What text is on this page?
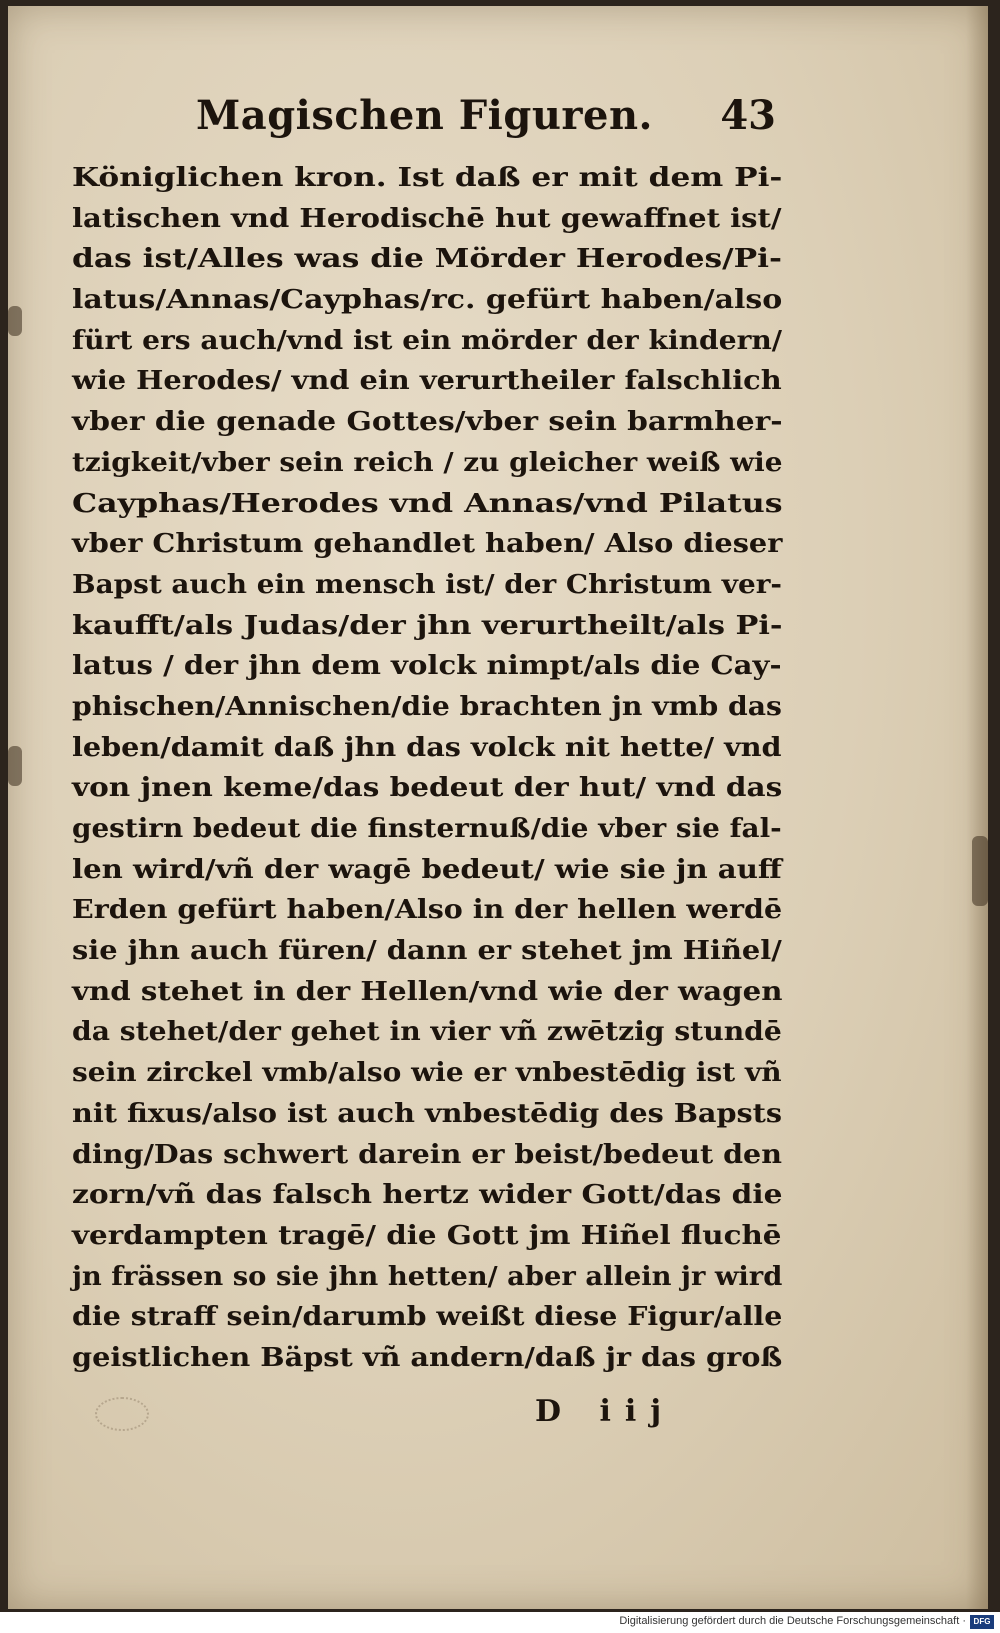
Magischen Figuren. 43
Königlichen kron. Ist daß er mit dem Pi-
latischen vnd Herodischē hut gewaffnet ist/
das ist/Alles was die Mörder Herodes/Pi-
latus/Annas/Cayphas/rc. gefürt haben/also
fürt ers auch/vnd ist ein mörder der kindern/
wie Herodes/ vnd ein verurtheiler falschlich
vber die genade Gottes/vber sein barmher-
tzigkeit/vber sein reich / zu gleicher weiß wie
Cayphas/Herodes vnd Annas/vnd Pilatus
vber Christum gehandlet haben/ Also dieser
Bapst auch ein mensch ist/ der Christum ver-
kaufft/als Judas/der jhn verurtheilt/als Pi-
latus / der jhn dem volck nimpt/als die Cay-
phischen/Annischen/die brachten jn vmb das
leben/damit daß jhn das volck nit hette/ vnd
von jnen keme/das bedeut der hut/ vnd das
gestirn bedeut die finsternuß/die vber sie fal-
len wird/vñ der wagē bedeut/ wie sie jn auff
Erden gefürt haben/Also in der hellen werdē
sie jhn auch füren/ dann er stehet jm Hiñel/
vnd stehet in der Hellen/vnd wie der wagen
da stehet/der gehet in vier vñ zwētzig stundē
sein zirckel vmb/also wie er vnbestēdig ist vñ
nit fixus/also ist auch vnbestēdig des Bapsts
ding/Das schwert darein er beist/bedeut den
zorn/vñ das falsch hertz wider Gott/das die
verdampten tragē/ die Gott jm Hiñel fluchē
jn frässen so sie jhn hetten/ aber allein jr wird
die straff sein/darumb weißt diese Figur/alle
geistlichen Bäpst vñ andern/daß jr das groß
D iij
Digitalisierung gefördert durch die Deutsche Forschungsgemeinschaft · DFG
